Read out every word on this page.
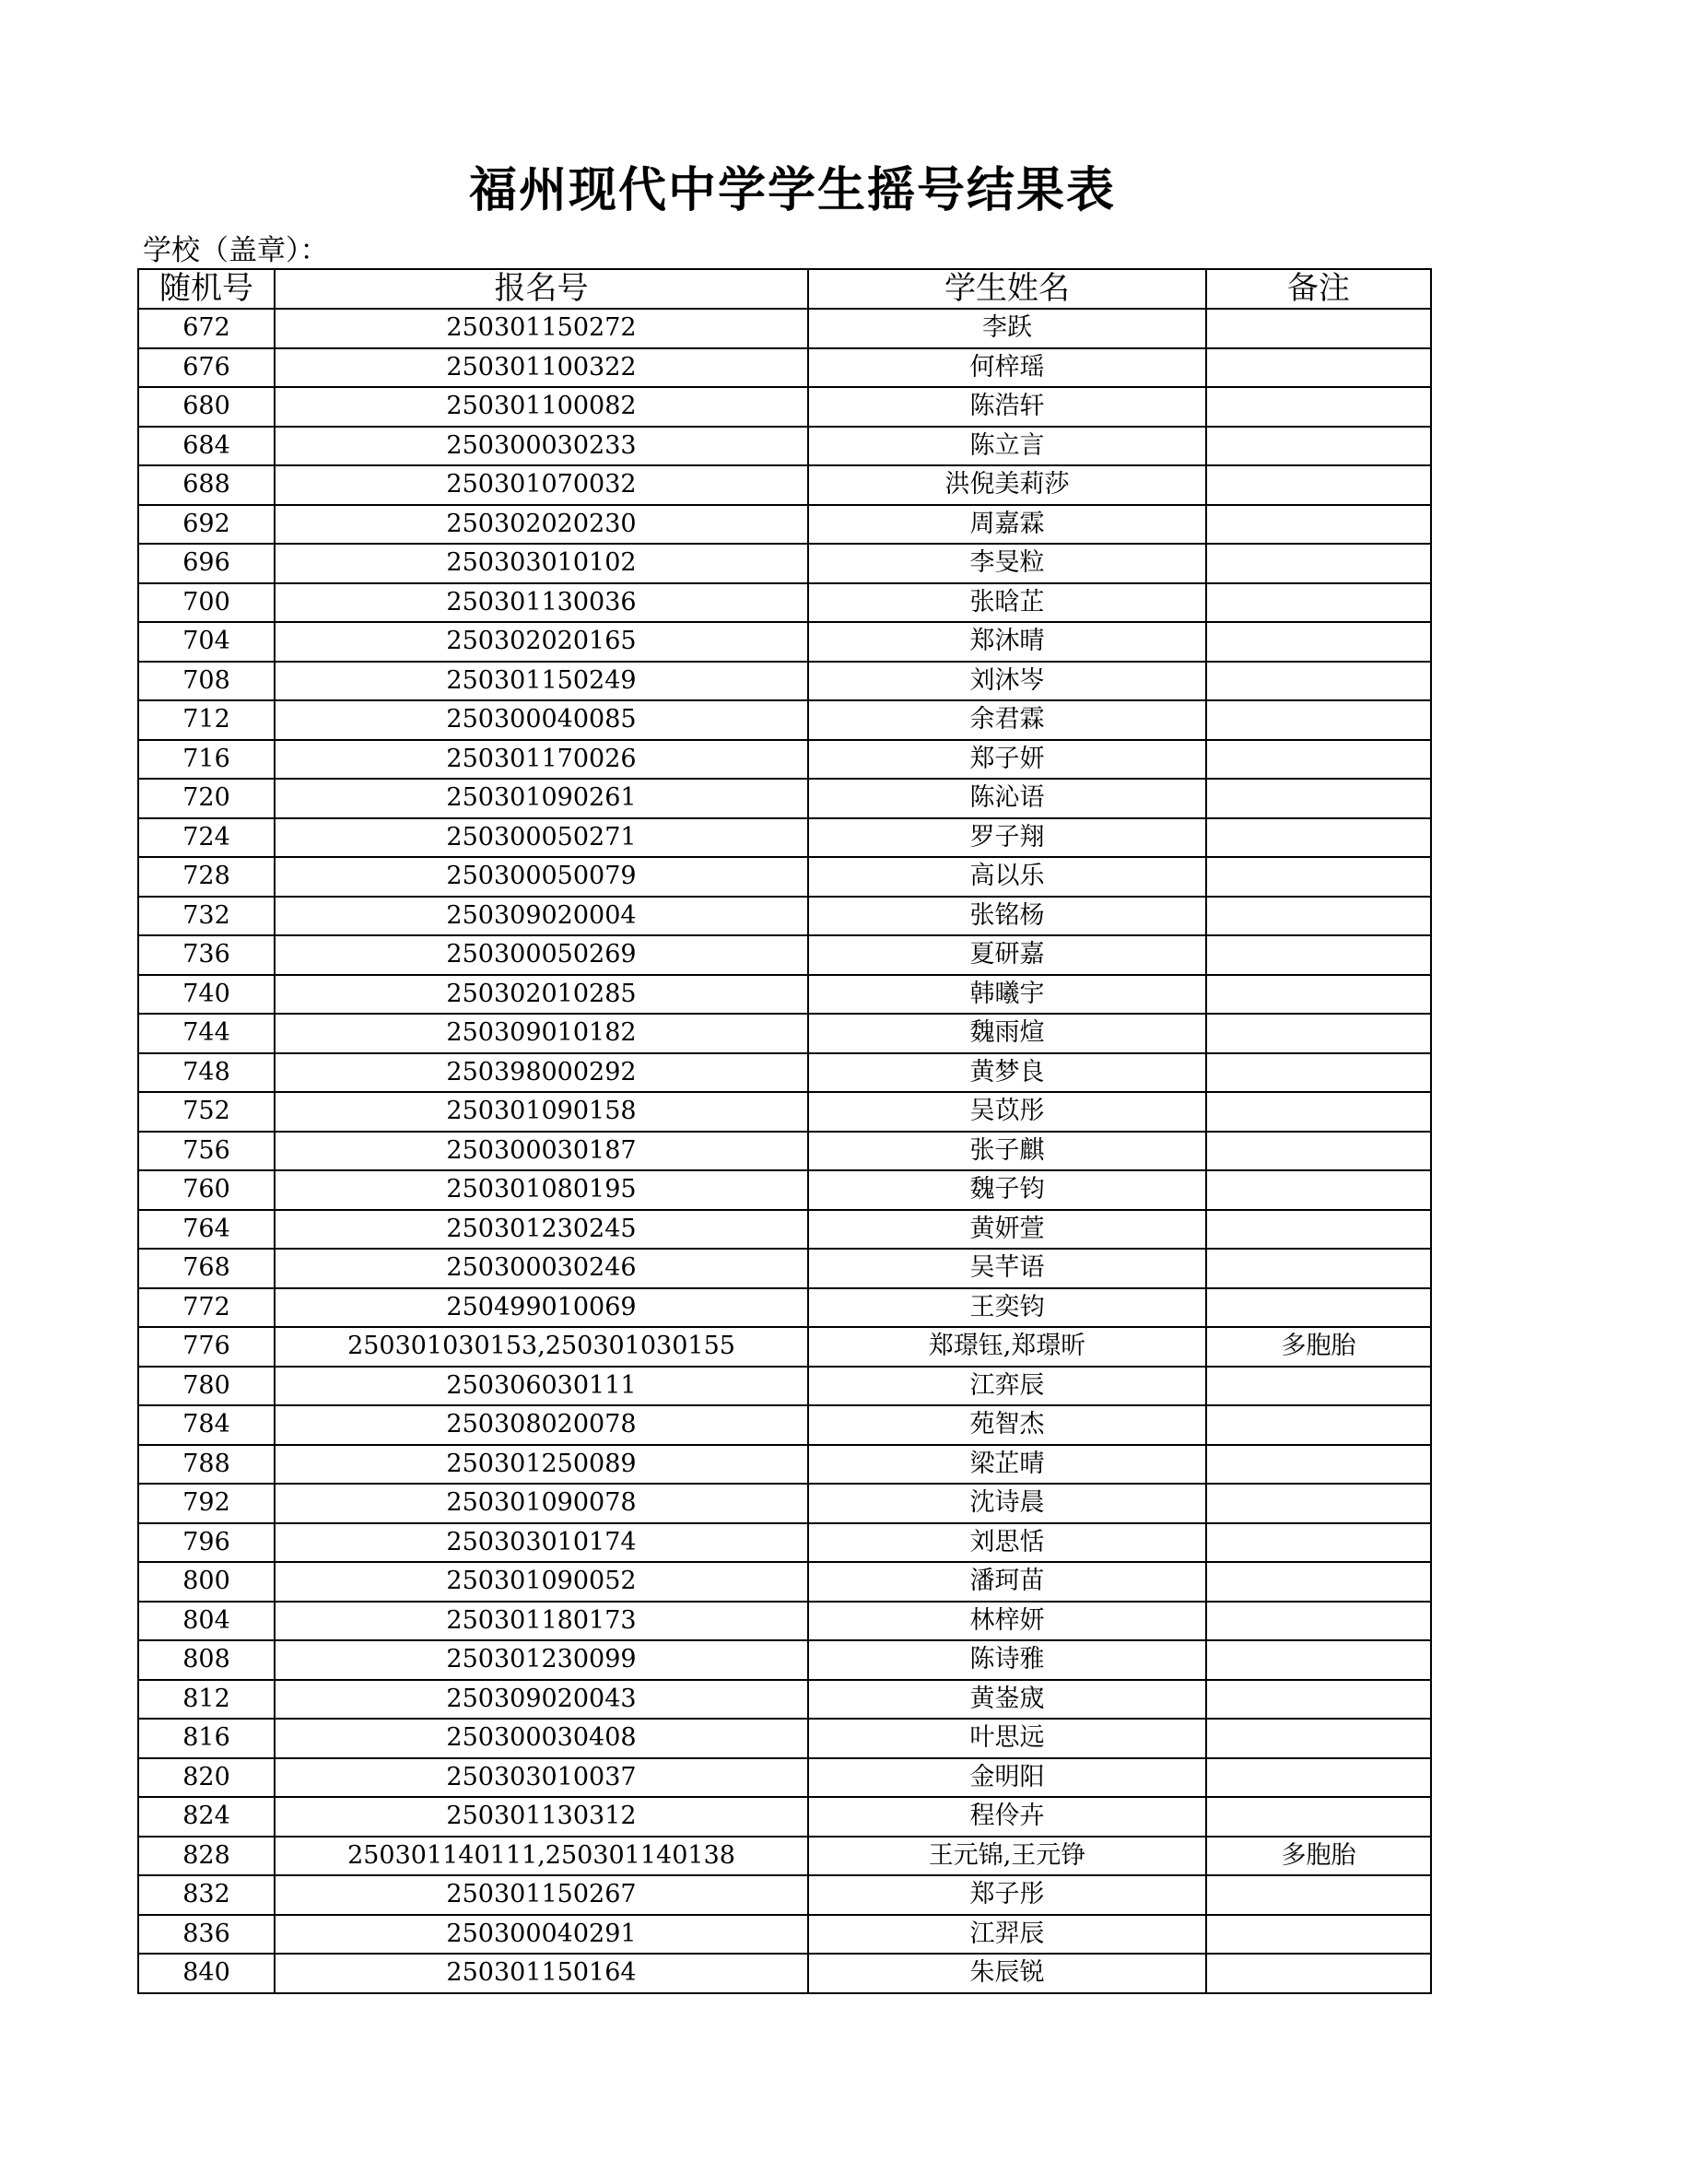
福州现代中学学生摇号结果表
学校（盖章）：
随机号	报名号	学生姓名	备注
672	250301150272	李跃	
676	250301100322	何梓瑶	
680	250301100082	陈浩轩	
684	250300030233	陈立言	
688	250301070032	洪倪美莉莎	
692	250302020230	周嘉霖	
696	250303010102	李旻粒	
700	250301130036	张晗芷	
704	250302020165	郑沐晴	
708	250301150249	刘沐岑	
712	250300040085	余君霖	
716	250301170026	郑子妍	
720	250301090261	陈沁语	
724	250300050271	罗子翔	
728	250300050079	高以乐	
732	250309020004	张铭杨	
736	250300050269	夏研嘉	
740	250302010285	韩曦宇	
744	250309010182	魏雨煊	
748	250398000292	黄梦良	
752	250301090158	吴苡彤	
756	250300030187	张子麒	
760	250301080195	魏子钧	
764	250301230245	黄妍萱	
768	250300030246	吴芊语	
772	250499010069	王奕钧	
776	250301030153,250301030155	郑璟钰,郑璟昕	多胞胎
780	250306030111	江弈辰	
784	250308020078	苑智杰	
788	250301250089	梁芷晴	
792	250301090078	沈诗晨	
796	250303010174	刘思恬	
800	250301090052	潘珂苗	
804	250301180173	林梓妍	
808	250301230099	陈诗雅	
812	250309020043	黄崟宬	
816	250300030408	叶思远	
820	250303010037	金明阳	
824	250301130312	程伶卉	
828	250301140111,250301140138	王元锦,王元铮	多胞胎
832	250301150267	郑子彤	
836	250300040291	江羿辰	
840	250301150164	朱辰锐	
